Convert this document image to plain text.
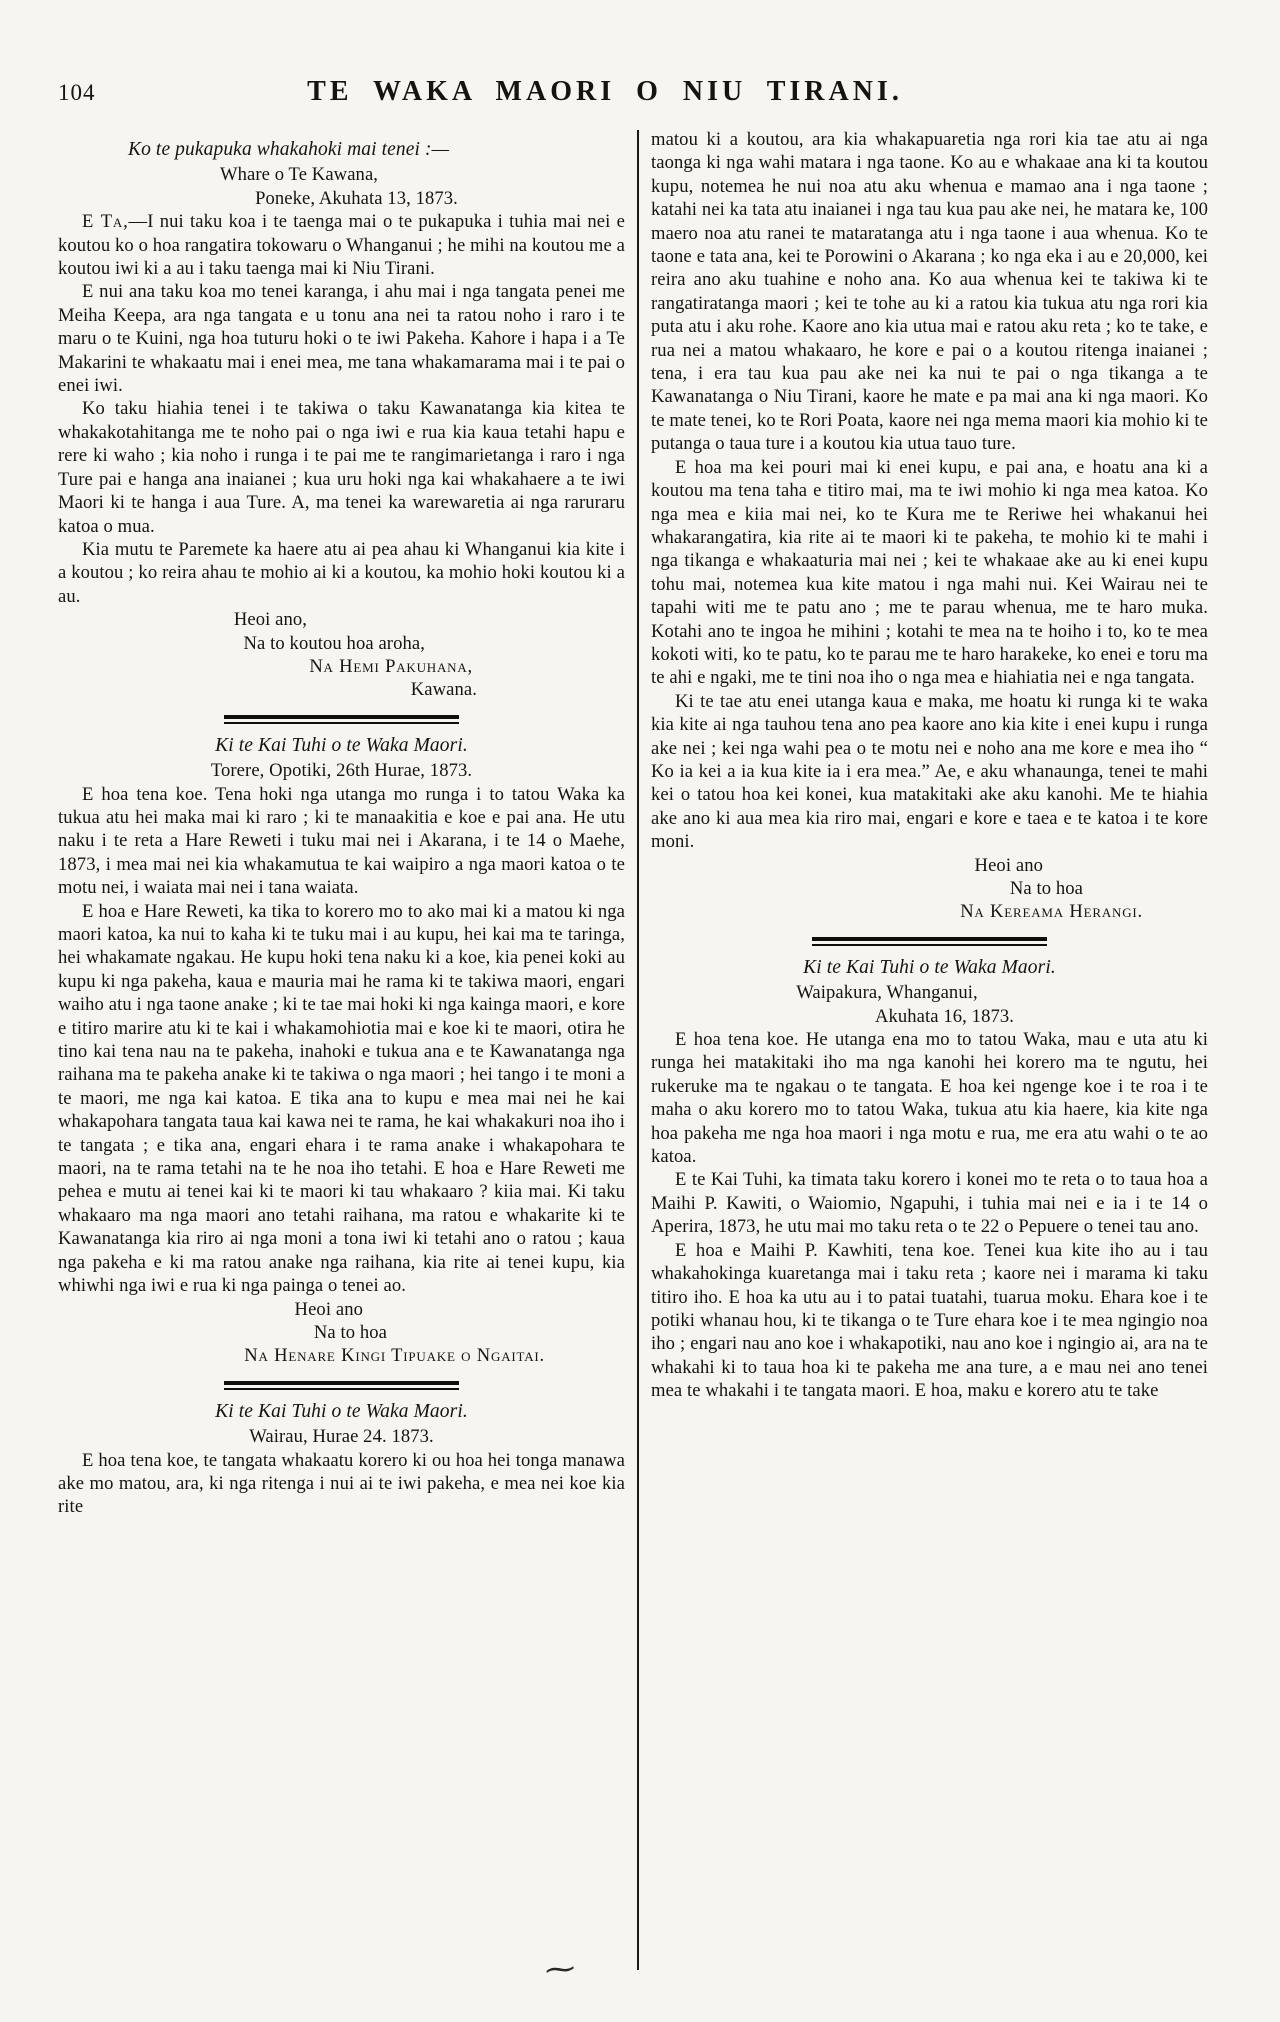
104	TE WAKA MAORI O NIU TIRANI.

Ko te pukapuka whakahoki mai tenei :—

Whare o Te Kawana,

Poneke, Akuhata 13, 1873.

E Ta,—I nui taku koa i te taenga mai o te pukapuka i tuhia mai nei e koutou ko o hoa rangatira tokowaru o Whanganui ; he mihi na koutou me a koutou iwi ki a au i taku taenga mai ki Niu Tirani.

E nui ana taku koa mo tenei karanga, i ahu mai i nga tangata penei me Meiha Keepa, ara nga tangata e u tonu ana nei ta ratou noho i raro i te maru o te Kuini, nga hoa tuturu hoki o te iwi Pakeha. Kahore i hapa i a Te Makarini te whakaatu mai i enei mea, me tana whakamarama mai i te pai o enei iwi.

Ko taku hiahia tenei i te takiwa o taku Kawanatanga kia kitea te whakakotahitanga me te noho pai o nga iwi e rua kia kaua tetahi hapu e rere ki waho ; kia noho i runga i te pai me te rangimarietanga i raro i nga Ture pai e hanga ana inaianei ; kua uru hoki nga kai whakahaere a te iwi Maori ki te hanga i aua Ture. A, ma tenei ka warewaretia ai nga raruraru katoa o mua.

Kia mutu te Paremete ka haere atu ai pea ahau ki Whanganui kia kite i a koutou ; ko reira ahau te mohio ai ki a koutou, ka mohio hoki koutou ki a au.

Heoi ano,

Na to koutou hoa aroha,

Na Hemi Pakuhana,

Kawana.

Ki te Kai Tuhi o te Waka Maori.

Torere, Opotiki, 26th Hurae, 1873.

E hoa tena koe. Tena hoki nga utanga mo runga i to tatou Waka ka tukua atu hei maka mai ki raro ; ki te manaakitia e koe e pai ana. He utu naku i te reta a Hare Reweti i tuku mai nei i Akarana, i te 14 o Maehe, 1873, i mea mai nei kia whakamutua te kai waipiro a nga maori katoa o te motu nei, i waiata mai nei i tana waiata.

E hoa e Hare Reweti, ka tika to korero mo to ako mai ki a matou ki nga maori katoa, ka nui to kaha ki te tuku mai i au kupu, hei kai ma te taringa, hei whakamate ngakau. He kupu hoki tena naku ki a koe, kia penei koki au kupu ki nga pakeha, kaua e mauria mai he rama ki te takiwa maori, engari waiho atu i nga taone anake ; ki te tae mai hoki ki nga kainga maori, e kore e titiro marire atu ki te kai i whakamohiotia mai e koe ki te maori, otira he tino kai tena nau na te pakeha, inahoki e tukua ana e te Kawanatanga nga raihana ma te pakeha anake ki te takiwa o nga maori ; hei tango i te moni a te maori, me nga kai katoa. E tika ana to kupu e mea mai nei he kai whakapohara tangata taua kai kawa nei te rama, he kai whakakuri noa iho i te tangata ; e tika ana, engari ehara i te rama anake i whakapohara te maori, na te rama tetahi na te he noa iho tetahi. E hoa e Hare Reweti me pehea e mutu ai tenei kai ki te maori ki tau whakaaro ? kiia mai. Ki taku whakaaro ma nga maori ano tetahi raihana, ma ratou e whakarite ki te Kawanatanga kia riro ai nga moni a tona iwi ki tetahi ano o ratou ; kaua nga pakeha e ki ma ratou anake nga raihana, kia rite ai tenei kupu, kia whiwhi nga iwi e rua ki nga painga o tenei ao.

Heoi ano

Na to hoa

Na Henare Kingi Tipuake o Ngaitai.

Ki te Kai Tuhi o te Waka Maori.

Wairau, Hurae 24. 1873.

E hoa tena koe, te tangata whakaatu korero ki ou hoa hei tonga manawa ake mo matou, ara, ki nga ritenga i nui ai te iwi pakeha, e mea nei koe kia rite

matou ki a koutou, ara kia whakapuaretia nga rori kia tae atu ai nga taonga ki nga wahi matara i nga taone. Ko au e whakaae ana ki ta koutou kupu, notemea he nui noa atu aku whenua e mamao ana i nga taone ; katahi nei ka tata atu inaianei i nga tau kua pau ake nei, he matara ke, 100 maero noa atu ranei te mataratanga atu i nga taone i aua whenua. Ko te taone e tata ana, kei te Porowini o Akarana ; ko nga eka i au e 20,000, kei reira ano aku tuahine e noho ana. Ko aua whenua kei te takiwa ki te rangatiratanga maori ; kei te tohe au ki a ratou kia tukua atu nga rori kia puta atu i aku rohe. Kaore ano kia utua mai e ratou aku reta ; ko te take, e rua nei a matou whakaaro, he kore e pai o a koutou ritenga inaianei ; tena, i era tau kua pau ake nei ka nui te pai o nga tikanga a te Kawanatanga o Niu Tirani, kaore he mate e pa mai ana ki nga maori. Ko te mate tenei, ko te Rori Poata, kaore nei nga mema maori kia mohio ki te putanga o taua ture i a koutou kia utua tauo ture.

E hoa ma kei pouri mai ki enei kupu, e pai ana, e hoatu ana ki a koutou ma tena taha e titiro mai, ma te iwi mohio ki nga mea katoa. Ko nga mea e kiia mai nei, ko te Kura me te Reriwe hei whakanui hei whakarangatira, kia rite ai te maori ki te pakeha, te mohio ki te mahi i nga tikanga e whakaaturia mai nei ; kei te whakaae ake au ki enei kupu tohu mai, notemea kua kite matou i nga mahi nui. Kei Wairau nei te tapahi witi me te patu ano ; me te parau whenua, me te haro muka. Kotahi ano te ingoa he mihini ; kotahi te mea na te hoiho i to, ko te mea kokoti witi, ko te patu, ko te parau me te haro harakeke, ko enei e toru ma te ahi e ngaki, me te tini noa iho o nga mea e hiahiatia nei e nga tangata.

Ki te tae atu enei utanga kaua e maka, me hoatu ki runga ki te waka kia kite ai nga tauhou tena ano pea kaore ano kia kite i enei kupu i runga ake nei ; kei nga wahi pea o te motu nei e noho ana me kore e mea iho “ Ko ia kei a ia kua kite ia i era mea.” Ae, e aku whanaunga, tenei te mahi kei o tatou hoa kei konei, kua matakitaki ake aku kanohi. Me te hiahia ake ano ki aua mea kia riro mai, engari e kore e taea e te katoa i te kore moni.

Heoi ano

Na to hoa

Na Kereama Herangi.

Ki te Kai Tuhi o te Waka Maori.

Waipakura, Whanganui,

Akuhata 16, 1873.

E hoa tena koe. He utanga ena mo to tatou Waka, mau e uta atu ki runga hei matakitaki iho ma nga kanohi hei korero ma te ngutu, hei rukeruke ma te ngakau o te tangata. E hoa kei ngenge koe i te roa i te maha o aku korero mo to tatou Waka, tukua atu kia haere, kia kite nga hoa pakeha me nga hoa maori i nga motu e rua, me era atu wahi o te ao katoa.

E te Kai Tuhi, ka timata taku korero i konei mo te reta o to taua hoa a Maihi P. Kawiti, o Waiomio, Ngapuhi, i tuhia mai nei e ia i te 14 o Aperira, 1873, he utu mai mo taku reta o te 22 o Pepuere o tenei tau ano.

E hoa e Maihi P. Kawhiti, tena koe. Tenei kua kite iho au i tau whakahokinga kuaretanga mai i taku reta ; kaore nei i marama ki taku titiro iho. E hoa ka utu au i to patai tuatahi, tuarua moku. Ehara koe i te potiki whanau hou, ki te tikanga o te Ture ehara koe i te mea ngingio noa iho ; engari nau ano koe i whakapotiki, nau ano koe i ngingio ai, ara na te whakahi ki to taua hoa ki te pakeha me ana ture, a e mau nei ano tenei mea te whakahi i te tangata maori. E hoa, maku e korero atu te take

⁓
